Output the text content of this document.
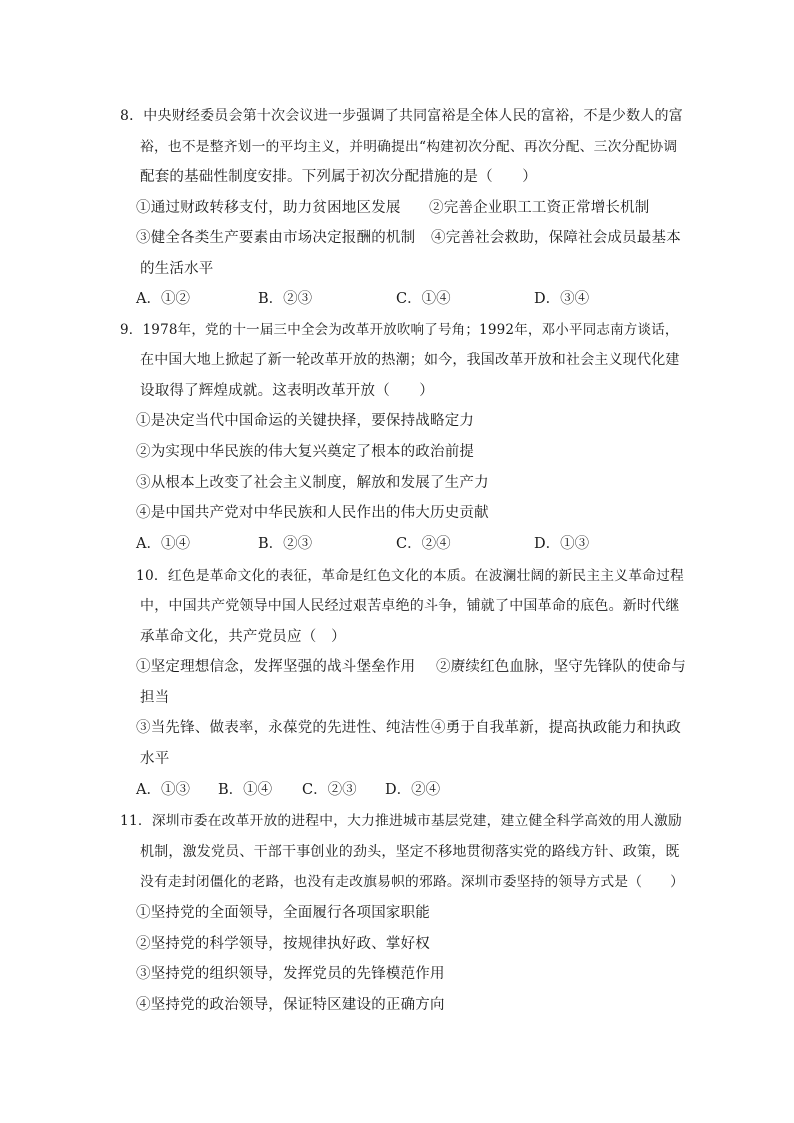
8．中央财经委员会第十次会议进一步强调了共同富裕是全体人民的富裕，不是少数人的富
裕，也不是整齐划一的平均主义，并明确提出“构建初次分配、再次分配、三次分配协调
配套的基础性制度安排。下列属于初次分配措施的是（　　）
①通过财政转移支付，助力贫困地区发展 ②完善企业职工工资正常增长机制
③健全各类生产要素由市场决定报酬的机制 ④完善社会救助，保障社会成员最基本
的生活水平
A．①②	B．②③	C．①④	D．③④
9．1978年，党的十一届三中全会为改革开放吹响了号角；1992年，邓小平同志南方谈话，
在中国大地上掀起了新一轮改革开放的热潮；如今，我国改革开放和社会主义现代化建
设取得了辉煌成就。这表明改革开放（　　）
①是决定当代中国命运的关键抉择，要保持战略定力
②为实现中华民族的伟大复兴奠定了根本的政治前提
③从根本上改变了社会主义制度，解放和发展了生产力
④是中国共产党对中华民族和人民作出的伟大历史贡献
A．①④	B．②③	C．②④	D．①③
10．红色是革命文化的表征，革命是红色文化的本质。在波澜壮阔的新民主主义革命过程
中，中国共产党领导中国人民经过艰苦卓绝的斗争，铺就了中国革命的底色。新时代继
承革命文化，共产党员应（　）
①坚定理想信念，发挥坚强的战斗堡垒作用 ②赓续红色血脉，坚守先锋队的使命与
担当
③当先锋、做表率，永葆党的先进性、纯洁性 ④勇于自我革新，提高执政能力和执政
水平
A．①③ B．①④ C．②③ D．②④
11．深圳市委在改革开放的进程中，大力推进城市基层党建，建立健全科学高效的用人激励
机制，激发党员、干部干事创业的劲头，坚定不移地贯彻落实党的路线方针、政策，既
没有走封闭僵化的老路，也没有走改旗易帜的邪路。深圳市委坚持的领导方式是（　　）
①坚持党的全面领导，全面履行各项国家职能
②坚持党的科学领导，按规律执好政、掌好权
③坚持党的组织领导，发挥党员的先锋模范作用
④坚持党的政治领导，保证特区建设的正确方向
